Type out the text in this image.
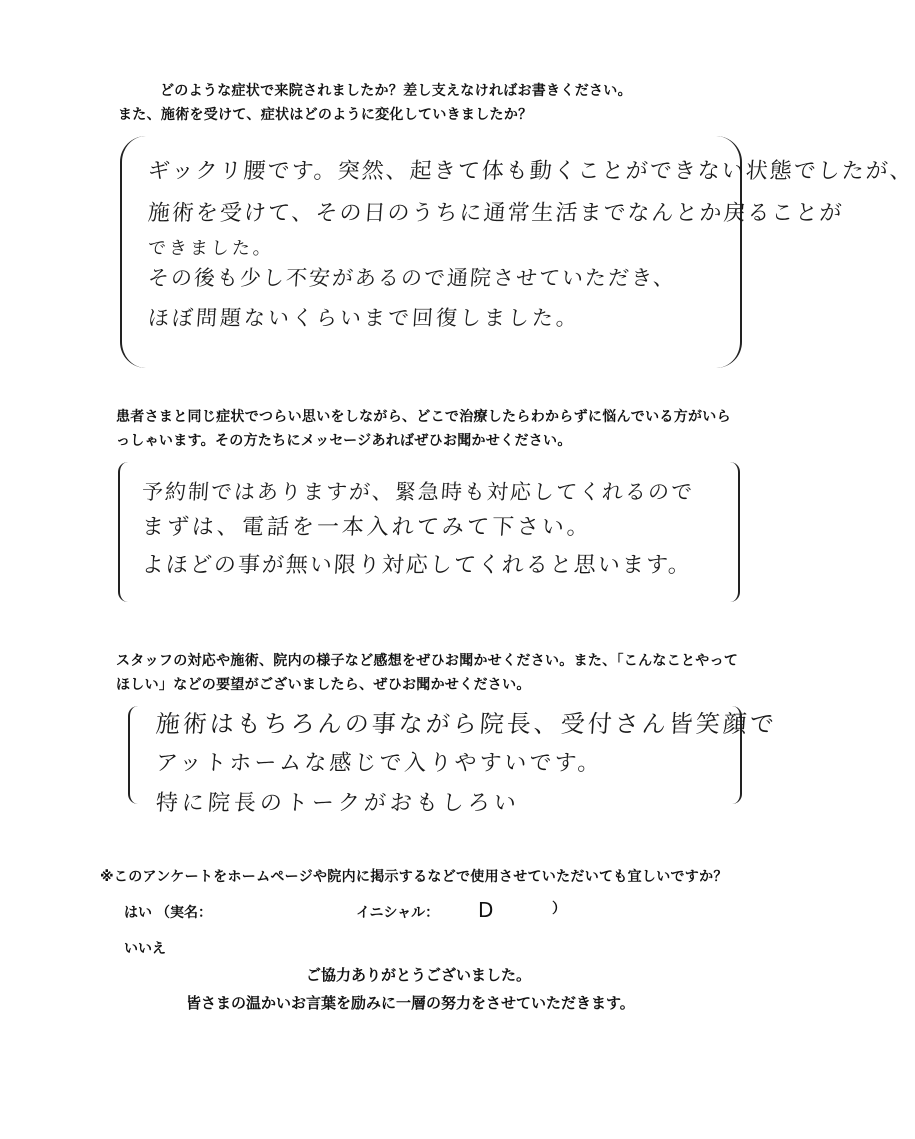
どのような症状で来院されましたか？差し支えなければお書きください。
また、施術を受けて、症状はどのように変化していきましたか？
ギックリ腰です。突然、起きて体も動くことができない状態でしたが、
施術を受けて、その日のうちに通常生活までなんとか戻ることが
できました。
その後も少し不安があるので通院させていただき、
ほぼ問題ないくらいまで回復しました。
患者さまと同じ症状でつらい思いをしながら、どこで治療したらわからずに悩んでいる方がいら
っしゃいます。その方たちにメッセージあればぜひお聞かせください。
予約制ではありますが、緊急時も対応してくれるので
まずは、電話を一本入れてみて下さい。
よほどの事が無い限り対応してくれると思います。
スタッフの対応や施術、院内の様子など感想をぜひお聞かせください。また、「こんなことやって
ほしい」などの要望がございましたら、ぜひお聞かせください。
施術はもちろんの事ながら院長、受付さん皆笑顔で
アットホームな感じで入りやすいです。
特に院長のトークがおもしろい
※このアンケートをホームページや院内に掲示するなどで使用させていただいても宜しいですか？
はい （実名：	イニシャル： D	）
いいえ
ご協力ありがとうございました。
皆さまの温かいお言葉を励みに一層の努力をさせていただきます。
